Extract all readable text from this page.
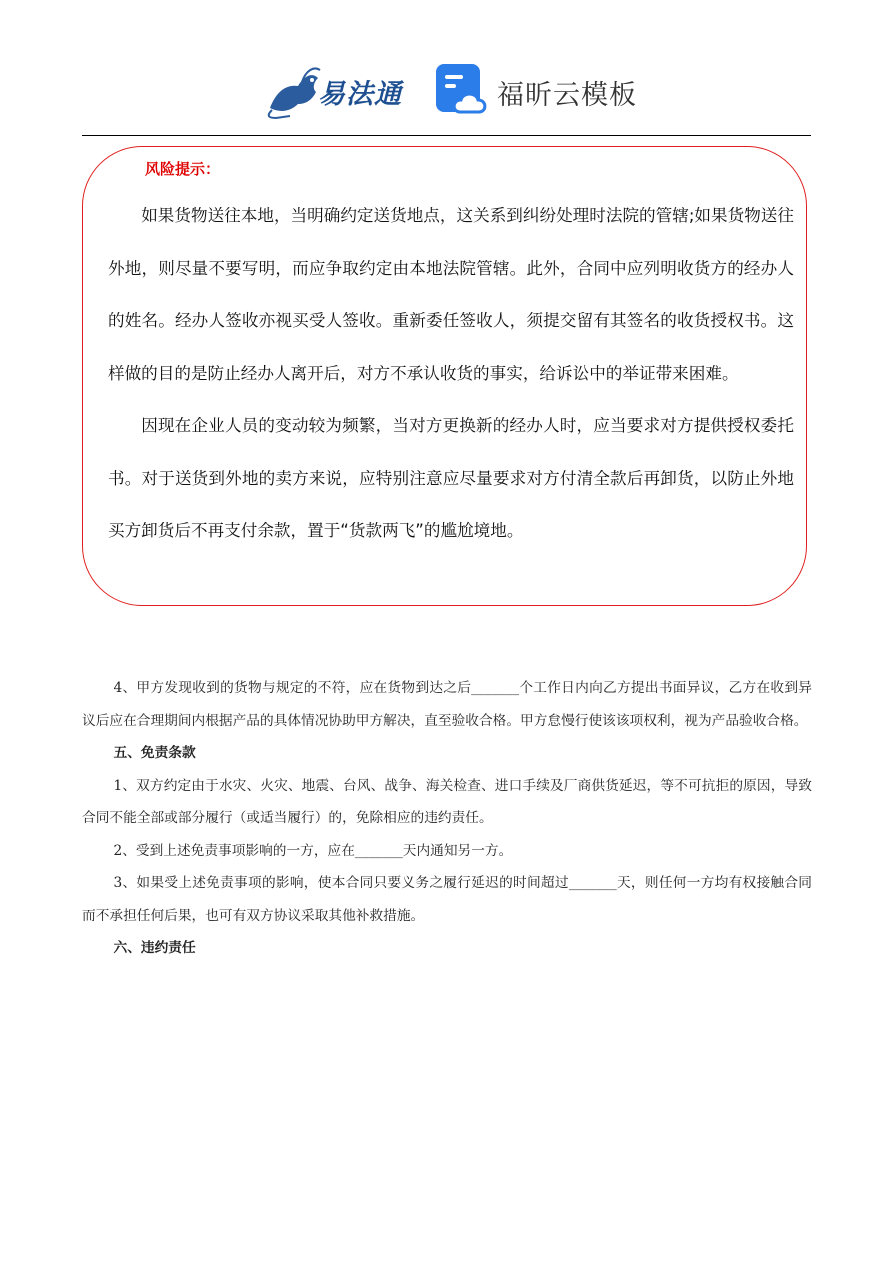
易法通	福昕云模板
风险提示：

如果货物送往本地，当明确约定送货地点，这关系到纠纷处理时法院的管辖;如果货物送往外地，则尽量不要写明，而应争取约定由本地法院管辖。此外，合同中应列明收货方的经办人的姓名。经办人签收亦视买受人签收。重新委任签收人，须提交留有其签名的收货授权书。这样做的目的是防止经办人离开后，对方不承认收货的事实，给诉讼中的举证带来困难。

因现在企业人员的变动较为频繁，当对方更换新的经办人时，应当要求对方提供授权委托书。对于送货到外地的卖方来说，应特别注意应尽量要求对方付清全款后再卸货，以防止外地买方卸货后不再支付余款，置于“货款两飞”的尴尬境地。

4、甲方发现收到的货物与规定的不符，应在货物到达之后_______个工作日内向乙方提出书面异议，乙方在收到异议后应在合理期间内根据产品的具体情况协助甲方解决，直至验收合格。甲方怠慢行使该该项权利，视为产品验收合格。

五、免责条款

1、双方约定由于水灾、火灾、地震、台风、战争、海关检查、进口手续及厂商供货延迟，等不可抗拒的原因，导致合同不能全部或部分履行（或适当履行）的，免除相应的违约责任。

2、受到上述免责事项影响的一方，应在_______天内通知另一方。

3、如果受上述免责事项的影响，使本合同只要义务之履行延迟的时间超过_______天，则任何一方均有权接触合同而不承担任何后果，也可有双方协议采取其他补救措施。

六、违约责任
